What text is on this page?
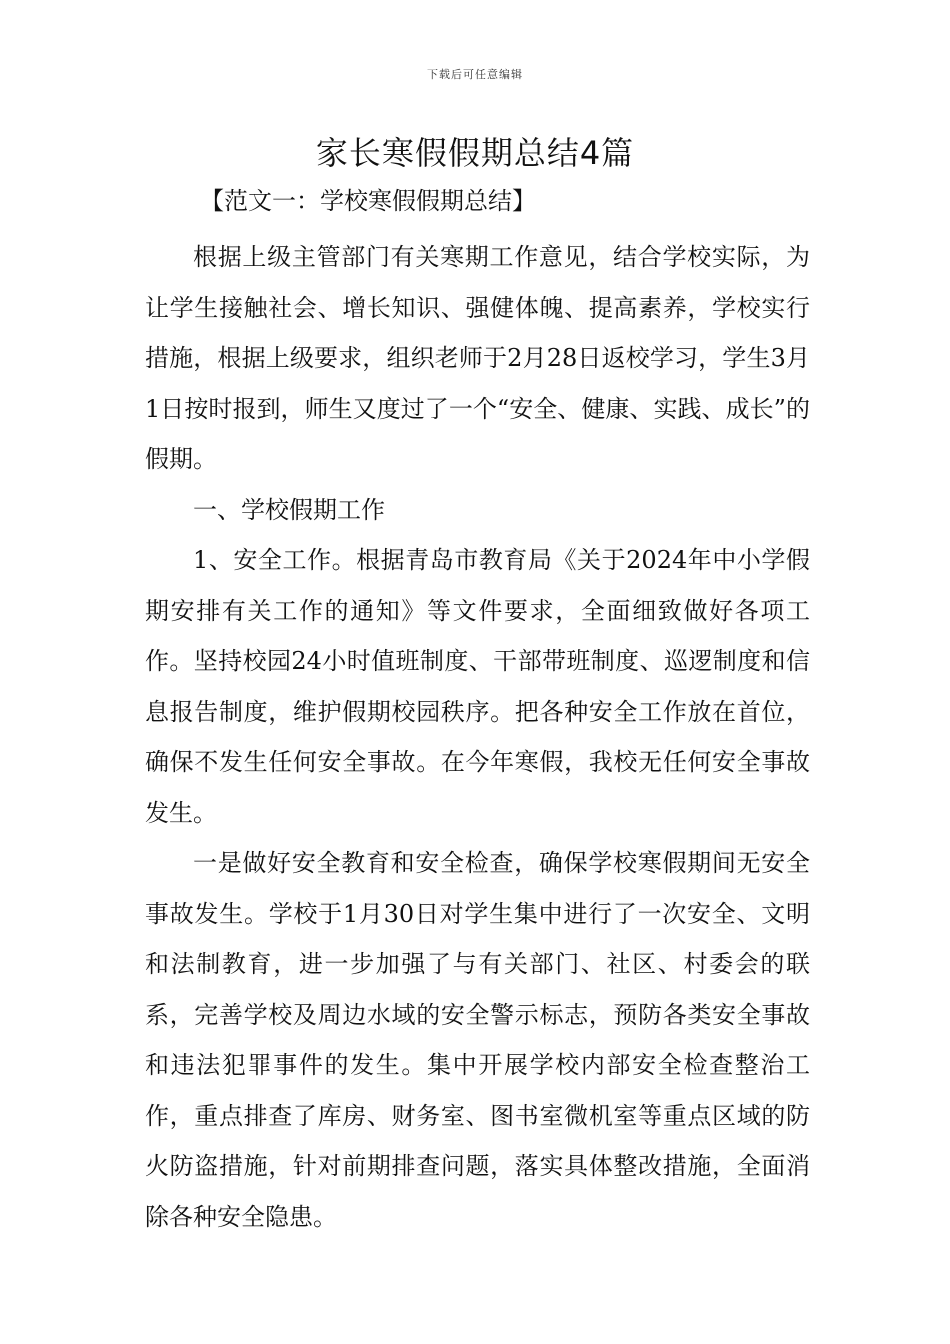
下载后可任意编辑
家长寒假假期总结4篇
【范文一：学校寒假假期总结】

根据上级主管部门有关寒期工作意见，结合学校实际，为让学生接触社会、增长知识、强健体魄、提高素养，学校实行措施，根据上级要求，组织老师于2月28日返校学习，学生3月1日按时报到，师生又度过了一个“安全、健康、实践、成长”的假期。

一、学校假期工作

1、安全工作。根据青岛市教育局《关于2024年中小学假期安排有关工作的通知》等文件要求，全面细致做好各项工作。坚持校园24小时值班制度、干部带班制度、巡逻制度和信息报告制度，维护假期校园秩序。把各种安全工作放在首位，确保不发生任何安全事故。在今年寒假，我校无任何安全事故发生。

一是做好安全教育和安全检查，确保学校寒假期间无安全事故发生。学校于1月30日对学生集中进行了一次安全、文明和法制教育，进一步加强了与有关部门、社区、村委会的联系，完善学校及周边水域的安全警示标志，预防各类安全事故和违法犯罪事件的发生。集中开展学校内部安全检查整治工作，重点排查了库房、财务室、图书室微机室等重点区域的防火防盗措施，针对前期排查问题，落实具体整改措施，全面消除各种安全隐患。
